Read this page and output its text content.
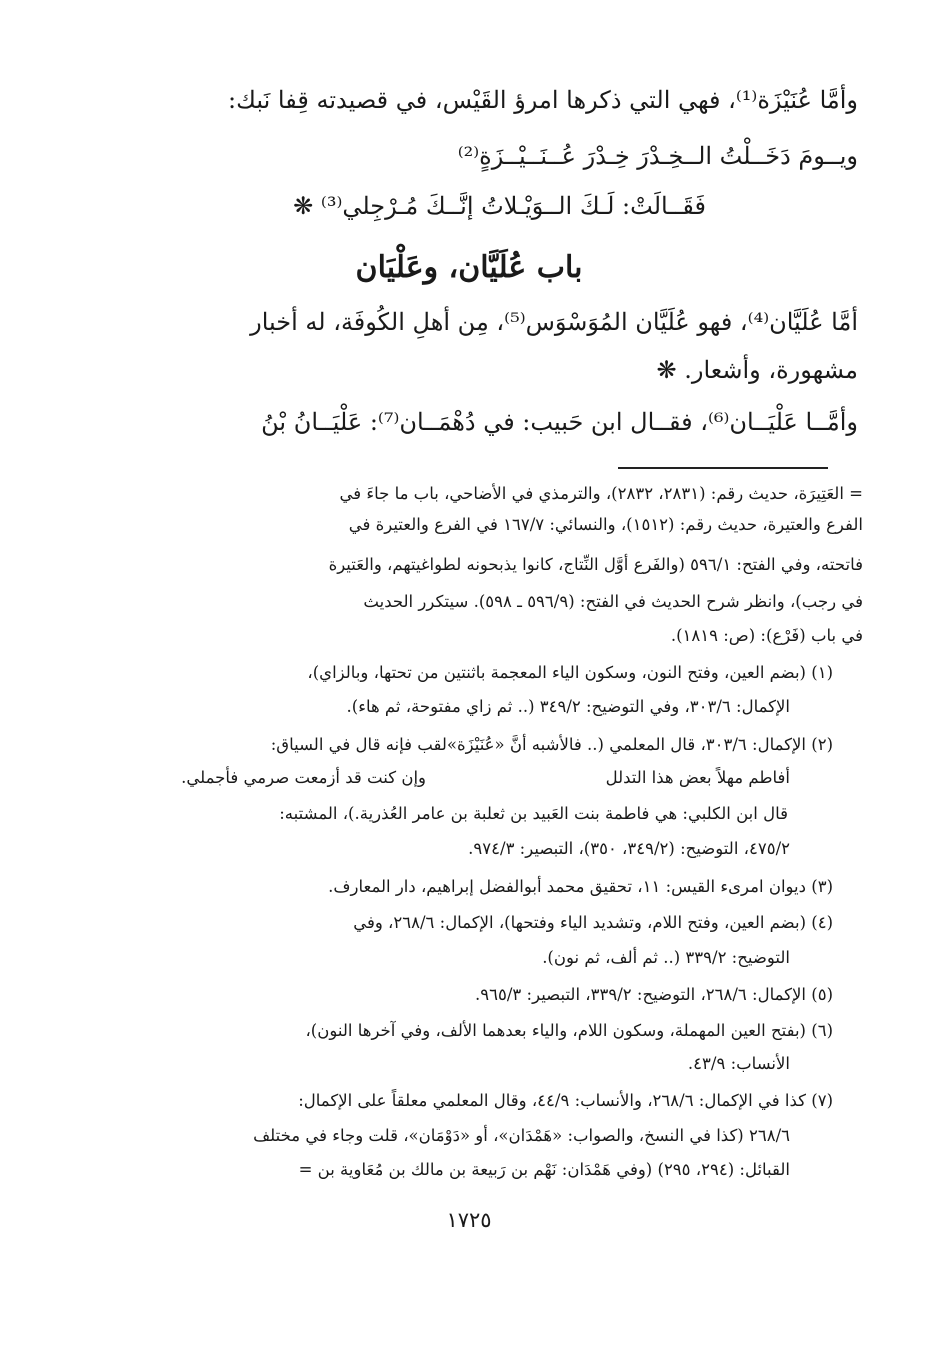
وأمَّا عُنَيْزَة⁽¹⁾، فهي التي ذكرها امرؤ القَيْس، في قصيدته قِفا نَبك:
ويــومَ دَخَــلْتُ الــخِـدْرَ خِـدْرَ عُــنَــيْــزَةٍ⁽²⁾
فَقَــالَتْ: لَـكَ الــوَيْـلاتُ إنَّــكَ مُـرْجِلي⁽³⁾ ❋
باب عُلَيَّان، وعَلْيَان
أمَّا عُلَيَّان⁽⁴⁾، فهو عُلَيَّان المُوَسْوَس⁽⁵⁾، مِن أهلِ الكُوفَة، له أخبار
مشهورة، وأشعار. ❋
وأمَّــا عَلْيَــان⁽⁶⁾، فقــال ابن حَبيب: في دُهْمَــان⁽⁷⁾: عَلْيَــانُ بْنُ
= العَتِيرَة، حديث رقم: (٢٨٣١، ٢٨٣٢)، والترمذي في الأضاحي، باب ما جاءَ في
الفرع والعتيرة، حديث رقم: (١٥١٢)، والنسائي: ١٦٧/٧ في الفرع والعتيرة في
فاتحته، وفي الفتح: ٥٩٦/١ (والفَرع أوَّل النِّتاج، كانوا يذبحونه لطواغيتهم، والعَتيرة
في رجب)، وانظر شرح الحديث في الفتح: (٥٩٦/٩ ـ ٥٩٨). سيتكرر الحديث
في باب (فَرْع): (ص: ١٨١٩).
(١) (بضم العين، وفتح النون، وسكون الياء المعجمة باثنتين من تحتها، وبالزاي)،
الإكمال: ٣٠٣/٦، وفي التوضيح: ٣٤٩/٢ (.. ثم زاي مفتوحة، ثم هاء).
(٢) الإكمال: ٣٠٣/٦، قال المعلمي (.. فالأشبه أنَّ «عُنَيْزَة»لقب فإنه قال في السياق:
أفاطم مهلاً بعض هذا التدلل
وإن كنت قد أزمعت صرمي فأجملي.
قال ابن الكلبي: هي فاطمة بنت العَبيد بن ثعلبة بن عامر العُذرية.)، المشتبه:
٤٧٥/٢، التوضيح: (٣٤٩/٢، ٣٥٠)، التبصير: ٩٧٤/٣.
(٣) ديوان امرىء القيس: ١١، تحقيق محمد أبوالفضل إبراهيم، دار المعارف.
(٤) (بضم العين، وفتح اللام، وتشديد الياء وفتحها)، الإكمال: ٢٦٨/٦، وفي
التوضيح: ٣٣٩/٢ (.. ثم ألف، ثم نون).
(٥) الإكمال: ٢٦٨/٦، التوضيح: ٣٣٩/٢، التبصير: ٩٦٥/٣.
(٦) (بفتح العين المهملة، وسكون اللام، والياء بعدهما الألف، وفي آخرها النون)،
الأنساب: ٤٣/٩.
(٧) كذا في الإكمال: ٢٦٨/٦، والأنساب: ٤٤/٩، وقال المعلمي معلقاً على الإكمال:
٢٦٨/٦ (كذا في النسخ، والصواب: «هَمْدَان»، أو «دَوْمَان»، قلت وجاء في مختلف
القبائل: (٢٩٤، ٢٩٥) (وفي هَمْدَان: نَهْم بن رَبيعة بن مالك بن مُعَاوية بن =
١٧٢٥
